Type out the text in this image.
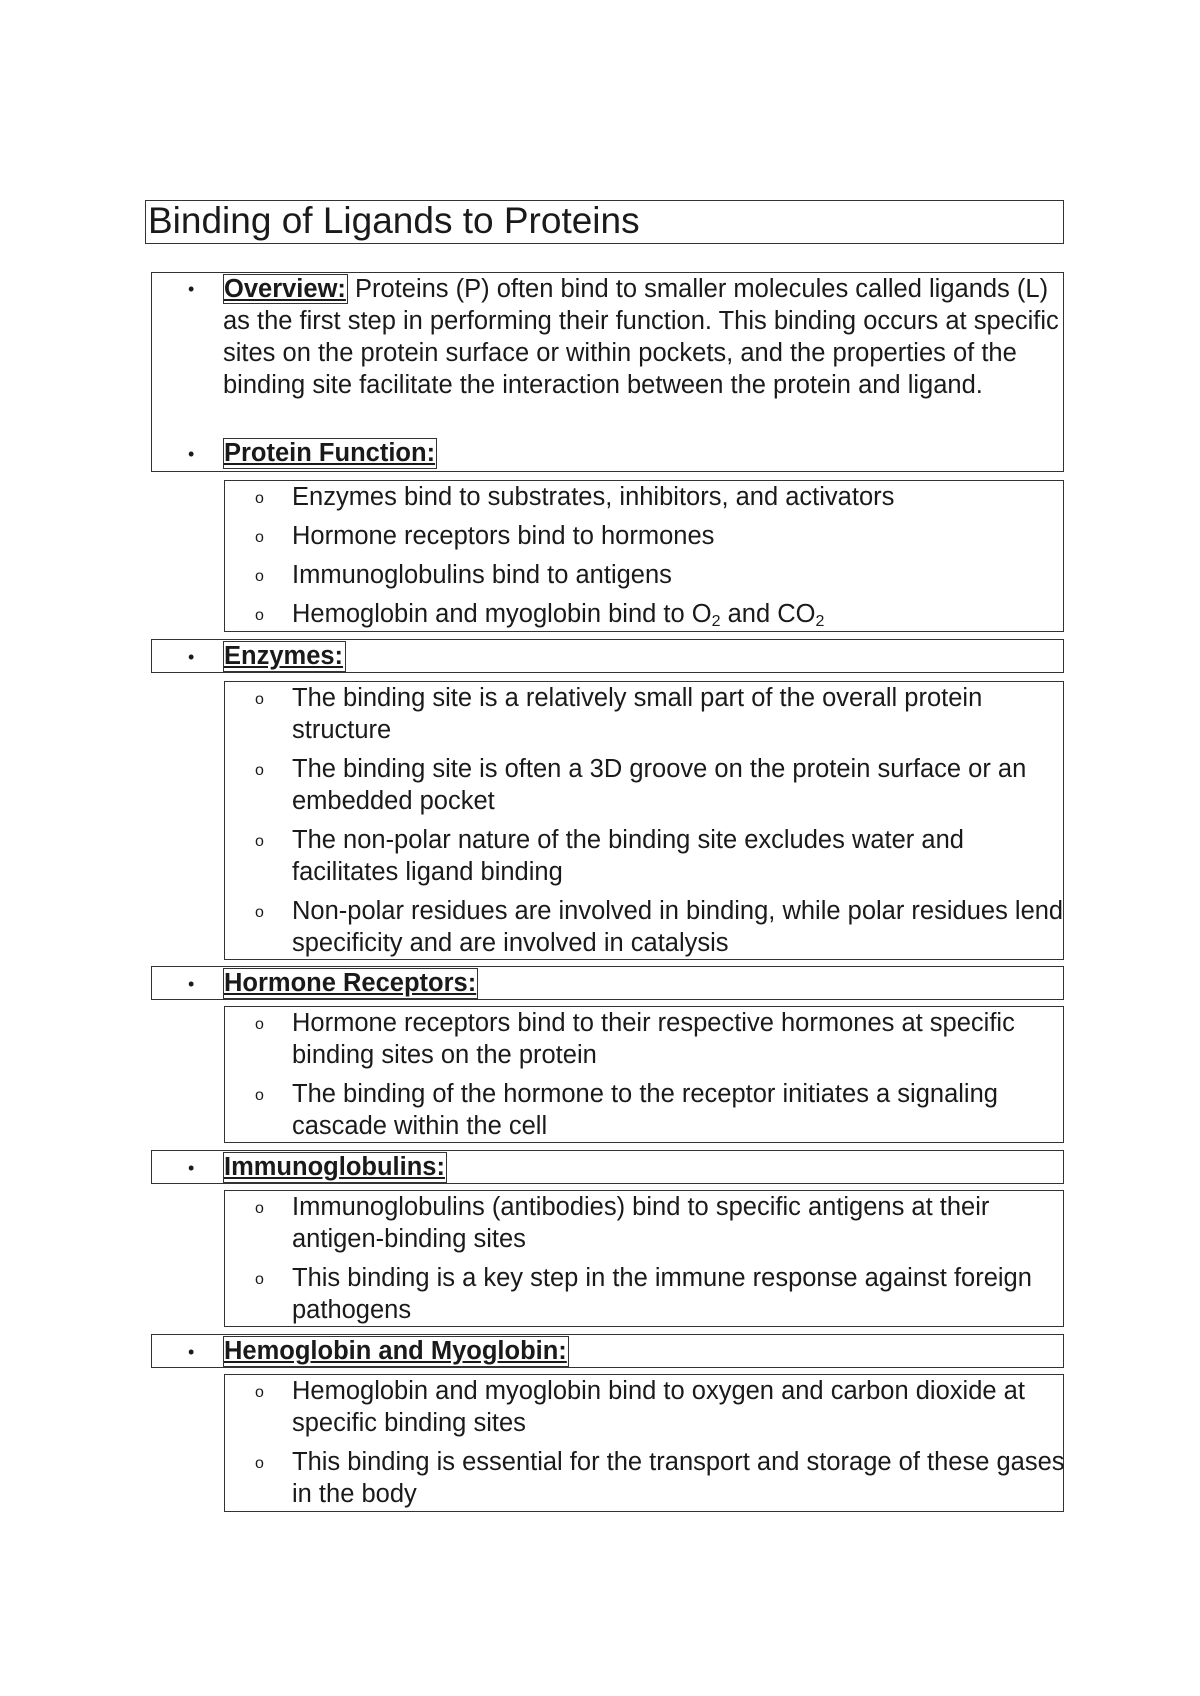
Binding of Ligands to Proteins
• Overview: Proteins (P) often bind to smaller molecules called ligands (L) as the first step in performing their function. This binding occurs at specific sites on the protein surface or within pockets, and the properties of the binding site facilitate the interaction between the protein and ligand.
• Protein Function:
o Enzymes bind to substrates, inhibitors, and activators
o Hormone receptors bind to hormones
o Immunoglobulins bind to antigens
o Hemoglobin and myoglobin bind to $O_2$ and $CO_2$
• Enzymes:
o The binding site is a relatively small part of the overall protein structure
o The binding site is often a 3D groove on the protein surface or an embedded pocket
o The non-polar nature of the binding site excludes water and facilitates ligand binding
o Non-polar residues are involved in binding, while polar residues lend specificity and are involved in catalysis
• Hormone Receptors:
o Hormone receptors bind to their respective hormones at specific binding sites on the protein
o The binding of the hormone to the receptor initiates a signaling cascade within the cell
• Immunoglobulins:
o Immunoglobulins (antibodies) bind to specific antigens at their antigen-binding sites
o This binding is a key step in the immune response against foreign pathogens
• Hemoglobin and Myoglobin:
o Hemoglobin and myoglobin bind to oxygen and carbon dioxide at specific binding sites
o This binding is essential for the transport and storage of these gases in the body
